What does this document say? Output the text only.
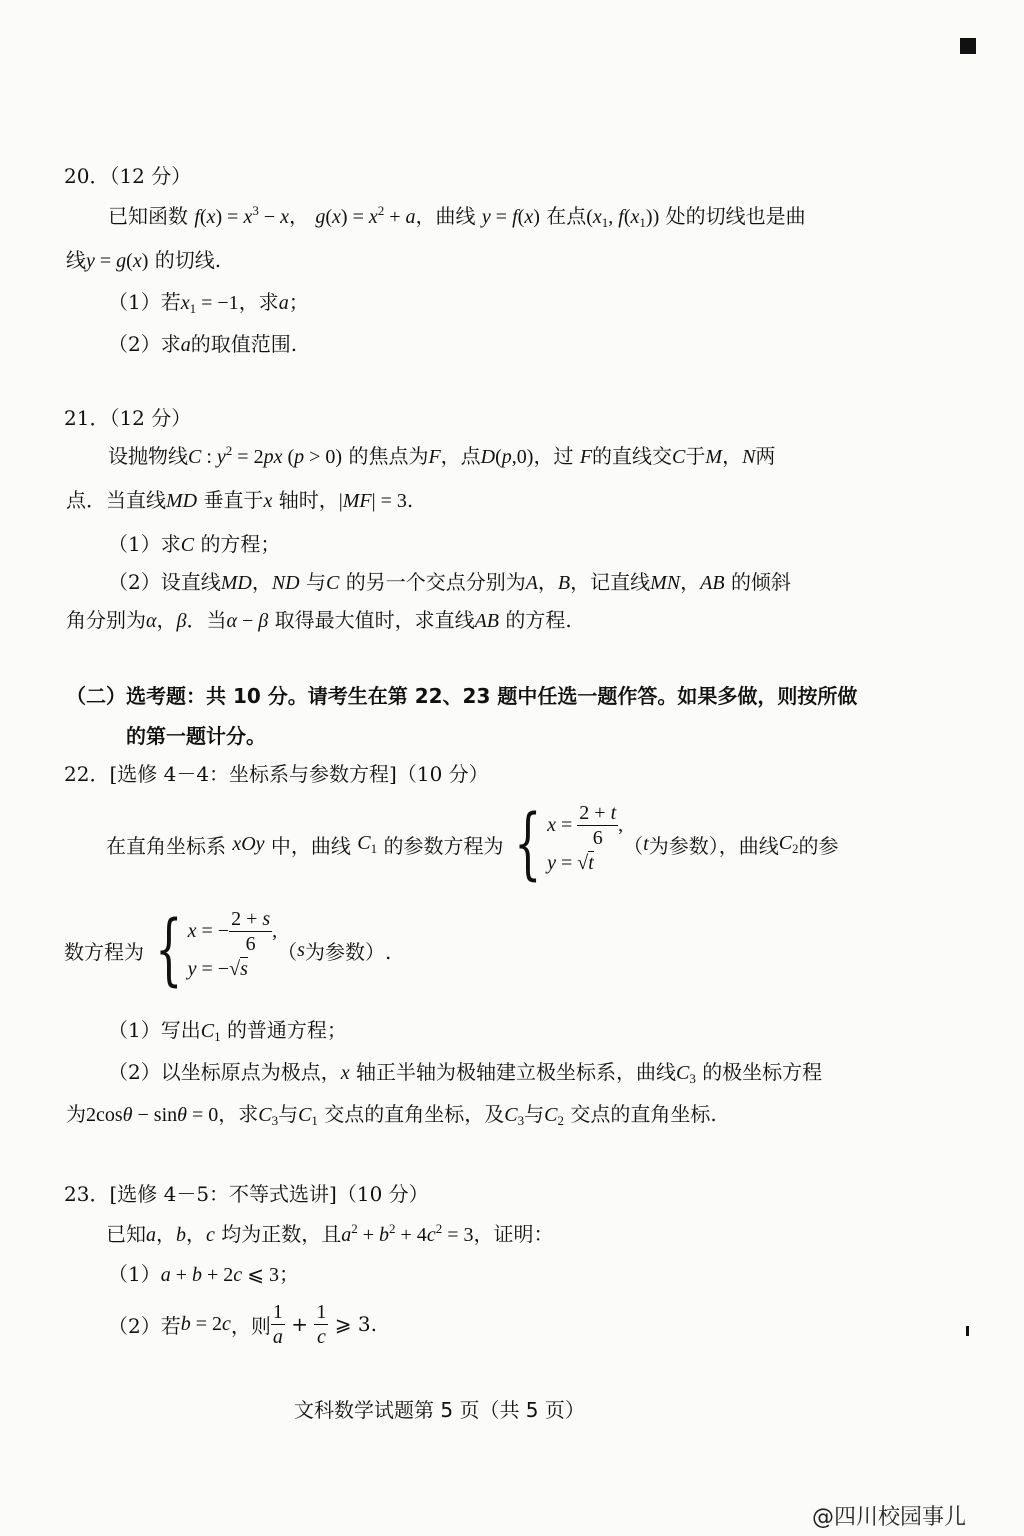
20．（12 分）
已知函数 $f(x) = x^3 - x$， $g(x) = x^2 + a$，曲线 y = f(x) 在点($x_1$, $f(x_1)$) 处的切线也是曲
线y = g(x) 的切线.
（1）若$x_1 = -1$，求a；
（2）求a的取值范围.
21．（12 分）
设抛物线C : $y^2 = 2px$ (p > 0) 的焦点为F，点D(p,0)，过 F的直线交C于M，N两
点．当直线MD 垂直于x 轴时，|MF| = 3.
（1）求C 的方程；
（2）设直线MD，ND 与C 的另一个交点分别为A，B，记直线MN，AB 的倾斜
角分别为α，β．当α − β 取得最大值时，求直线AB 的方程.
（二）选考题：共 10 分。请考生在第 22、23 题中任选一题作答。如果多做，则按所做
的第一题计分。
22．[选修 4－4：坐标系与参数方程]（10 分）
在直角坐标系
xOy
中，曲线
$C_1$
的参数方程为 { $x = \frac{2 + t}{6}$ ,
y = √ t
（ t 为参数），曲线 $C_2$ 的参
数方程为 { x = − $\frac{2 + s}{6}$ ,
y = −√ s
（ s 为参数）.
（1）写出$C_1$ 的普通方程；
（2）以坐标原点为极点，x 轴正半轴为极轴建立极坐标系，曲线$C_3$ 的极坐标方程
为2cosθ − sinθ = 0，求$C_3$与$C_1$ 交点的直角坐标，及$C_3$与$C_2$ 交点的直角坐标.
23．[选修 4－5：不等式选讲]（10 分）
已知a，b，c 均为正数，且$a^2 + b^2 + 4c^2 = 3$，证明：
（1）a + b + 2c ⩽ 3；
（2）若 b = 2c ，则 $\frac{1}{a} + \frac{1}{c}$ ⩾ 3 .
文科数学试题第 5 页（共 5 页）
@四川校园事儿
